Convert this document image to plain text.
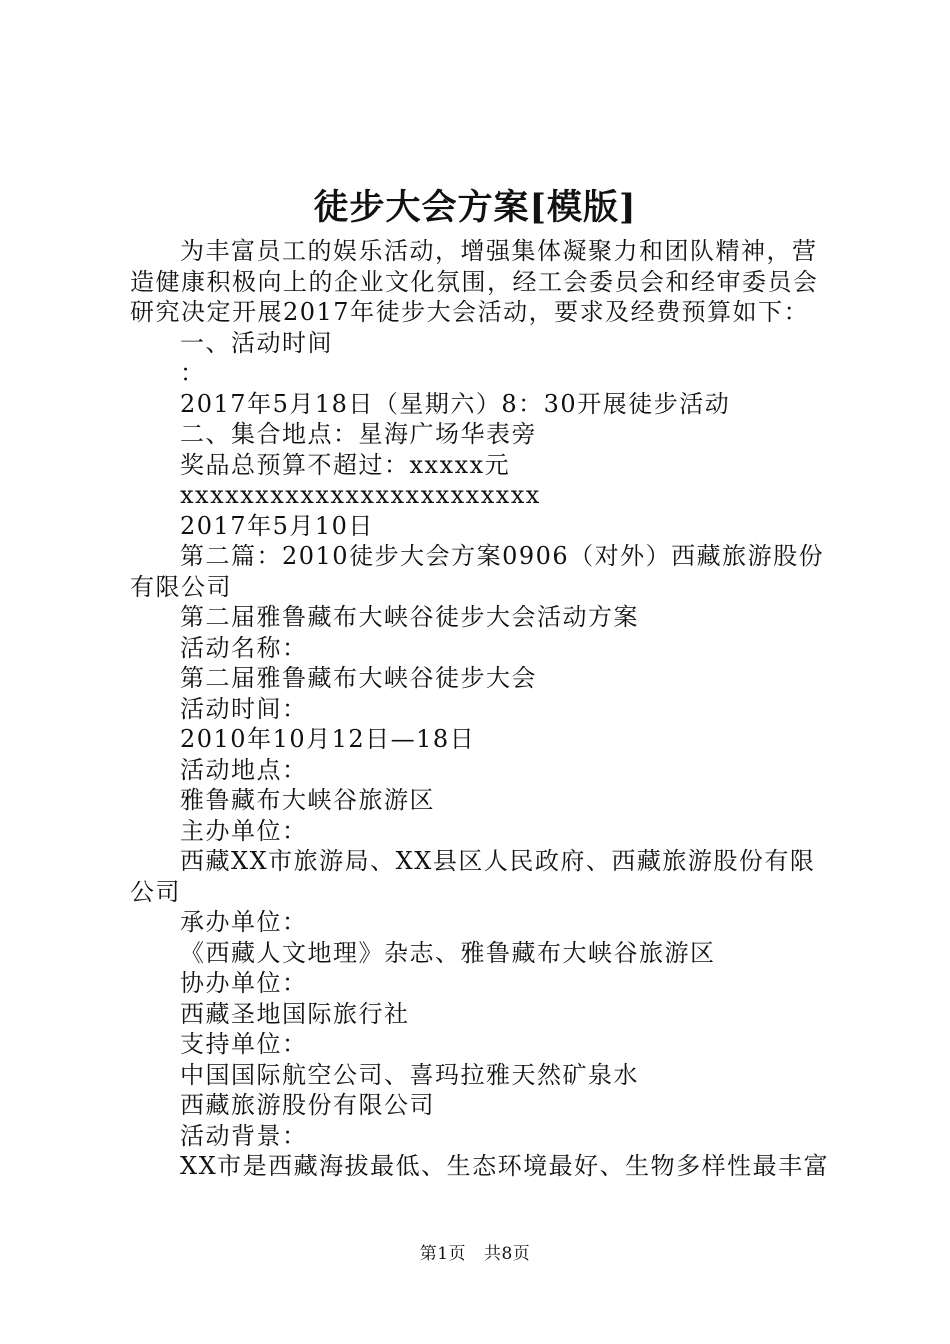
徒步大会方案[模版]

为丰富员工的娱乐活动，增强集体凝聚力和团队精神，营造健康积极向上的企业文化氛围，经工会委员会和经审委员会研究决定开展2017年徒步大会活动，要求及经费预算如下：

一、活动时间

：

2017年5月18日（星期六）8：30开展徒步活动

二、集合地点：星海广场华表旁

奖品总预算不超过：xxxxx元

xxxxxxxxxxxxxxxxxxxxxxxx

2017年5月10日

第二篇：2010徒步大会方案0906（对外）西藏旅游股份有限公司

第二届雅鲁藏布大峡谷徒步大会活动方案

活动名称：

第二届雅鲁藏布大峡谷徒步大会

活动时间：

2010年10月12日—18日

活动地点：

雅鲁藏布大峡谷旅游区

主办单位：

西藏XX市旅游局、XX县区人民政府、西藏旅游股份有限公司

承办单位：

《西藏人文地理》杂志、雅鲁藏布大峡谷旅游区

协办单位：

西藏圣地国际旅行社

支持单位：

中国国际航空公司、喜玛拉雅天然矿泉水

西藏旅游股份有限公司

活动背景：

XX市是西藏海拔最低、生态环境最好、生物多样性最丰富

第1页 共8页
